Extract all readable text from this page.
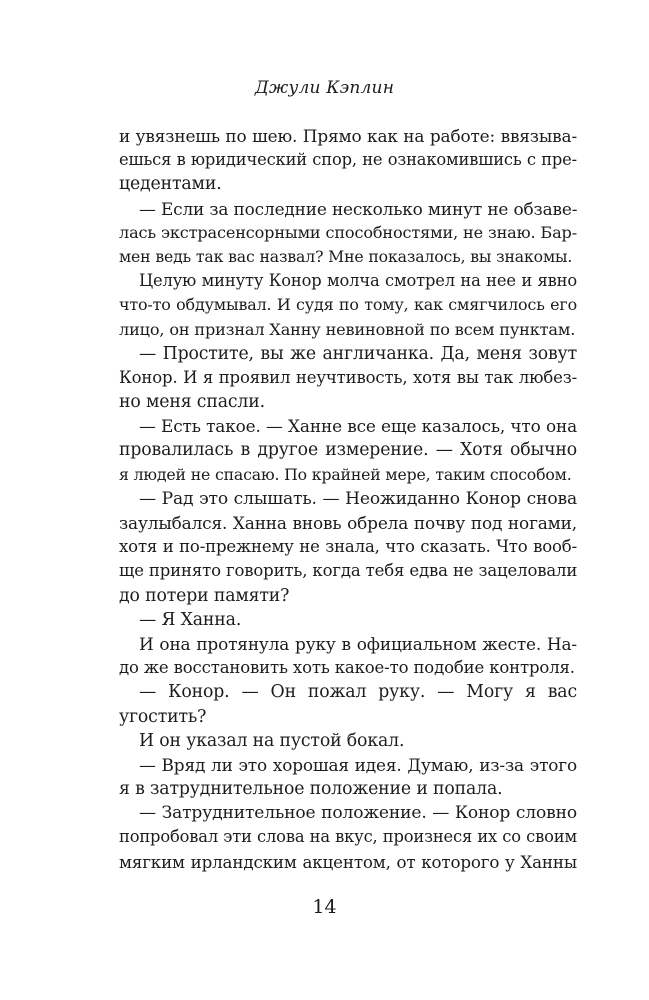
Джули Кэплин
и увязнешь по шею. Прямо как на работе: ввязыва-
ешься в юридический спор, не ознакомившись с пре-
цедентами.
— Если за последние несколько минут не обзаве-
лась экстрасенсорными способностями, не знаю. Бар-
мен ведь так вас назвал? Мне показалось, вы знакомы.
Целую минуту Конор молча смотрел на нее и явно
что-то обдумывал. И судя по тому, как смягчилось его
лицо, он признал Ханну невиновной по всем пунктам.
— Простите, вы же англичанка. Да, меня зовут
Конор. И я проявил неучтивость, хотя вы так любез-
но меня спасли.
— Есть такое. — Ханне все еще казалось, что она
провалилась в другое измерение. — Хотя обычно
я людей не спасаю. По крайней мере, таким способом.
— Рад это слышать. — Неожиданно Конор снова
заулыбался. Ханна вновь обрела почву под ногами,
хотя и по-прежнему не знала, что сказать. Что вооб-
ще принято говорить, когда тебя едва не зацеловали
до потери памяти?
— Я Ханна.
И она протянула руку в официальном жесте. На-
до же восстановить хоть какое-то подобие контроля.
— Конор. — Он пожал руку. — Могу я вас
угостить?
И он указал на пустой бокал.
— Вряд ли это хорошая идея. Думаю, из-за этого
я в затруднительное положение и попала.
— Затруднительное положение. — Конор словно
попробовал эти слова на вкус, произнеся их со своим
мягким ирландским акцентом, от которого у Ханны
14
